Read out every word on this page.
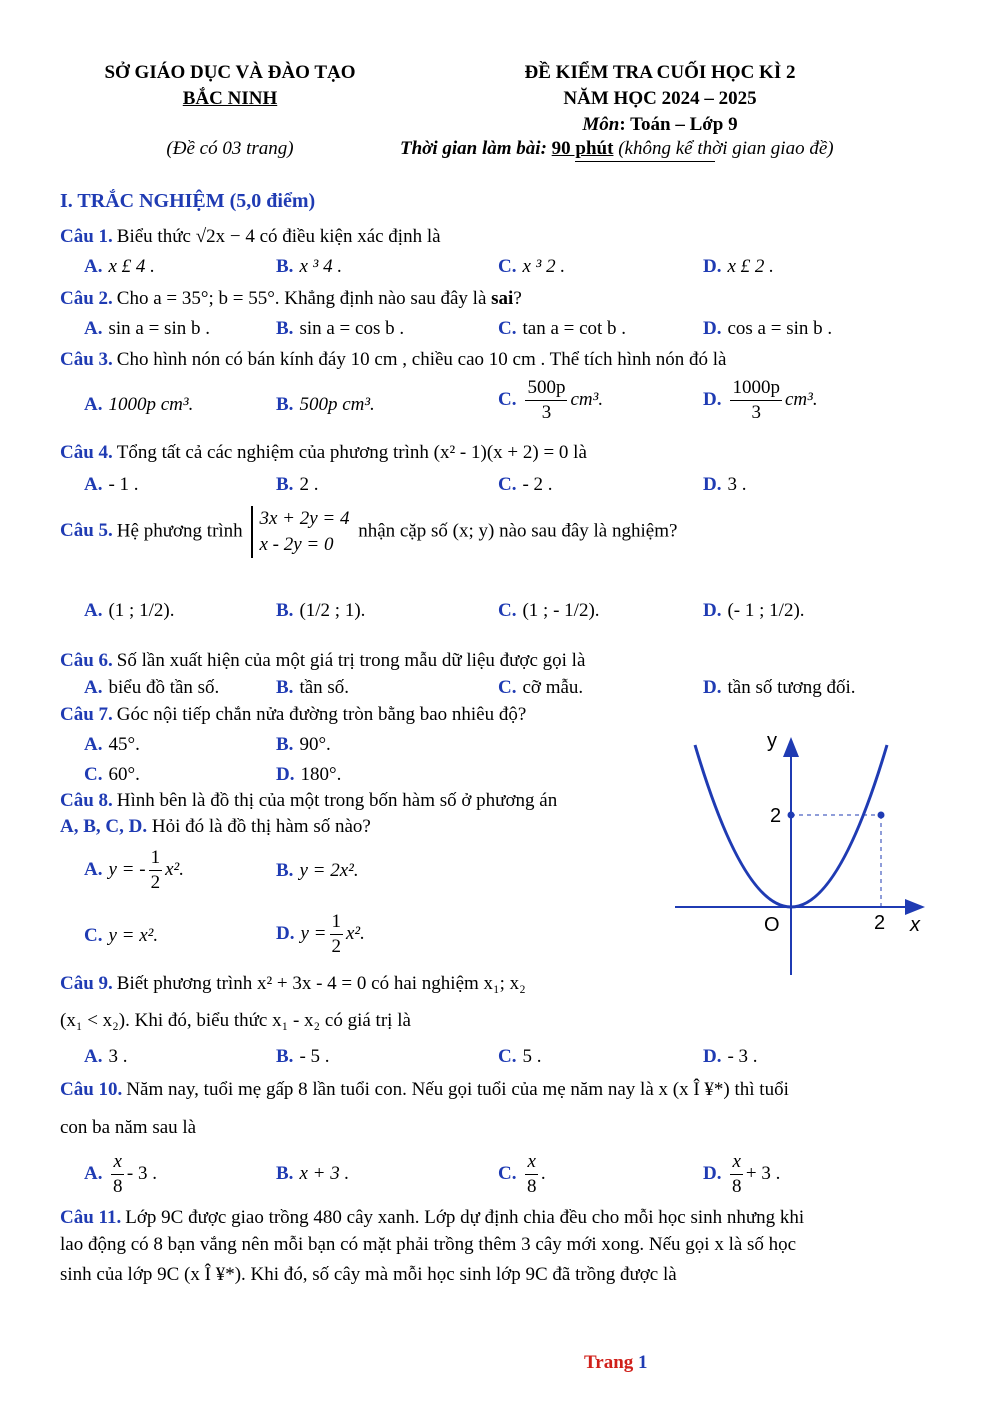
SỞ GIÁO DỤC VÀ ĐÀO TẠO
BẮC NINH
ĐỀ KIỂM TRA CUỐI HỌC KÌ 2
NĂM HỌC 2024 – 2025
Môn: Toán – Lớp 9
(Đề có 03 trang)	Thời gian làm bài: 90 phút (không kể thời gian giao đề)
I. TRẮC NGHIỆM (5,0 điểm)
Câu 1. Biểu thức √2x − 4 có điều kiện xác định là
A. x £ 4 .	B. x ³ 4 .	C. x ³ 2 .	D. x £ 2 .
Câu 2. Cho a = 35°; b = 55°. Khẳng định nào sau đây là sai?
A. sin a = sin b .	B. sin a = cos b .	C. tan a = cot b .	D. cos a = sin b .
Câu 3. Cho hình nón có bán kính đáy 10 cm , chiều cao 10 cm . Thể tích hình nón đó là
A. 1000p cm³.	B. 500p cm³.	C. $\frac{500p}{3} cm^3$.	D. $\frac{1000p}{3} cm^3$.
Câu 4. Tổng tất cả các nghiệm của phương trình (x² - 1)(x + 2) = 0 là
A. - 1 .	B. 2 .	C. - 2 .	D. 3 .
Câu 5. Hệ phương trình
3x + 2y = 4
x - 2y = 0
nhận cặp số (x; y) nào sau đây là nghiệm?
A. (1 ; 1/2).	B. (1/2 ; 1).	C. (1 ; - 1/2).	D. (- 1 ; 1/2).
Câu 6. Số lần xuất hiện của một giá trị trong mẫu dữ liệu được gọi là
A. biểu đồ tần số.	B. tần số.	C. cỡ mẫu.	D. tần số tương đối.
Câu 7. Góc nội tiếp chắn nửa đường tròn bằng bao nhiêu độ?
A. 45°.	B. 90°.
C. 60°.	D. 180°.
Câu 8. Hình bên là đồ thị của một trong bốn hàm số ở phương án
A, B, C, D. Hỏi đó là đồ thị hàm số nào?
A. y = - $\frac{1}{2} x^2$.	B. y = 2x².
C. y = x².	D. $y = \frac{1}{2} x^2$.
y
x
O
2
2
Câu 9. Biết phương trình x² + 3x - 4 = 0 có hai nghiệm x₁; x₂
(x₁ < x₂). Khi đó, biểu thức x₁ - x₂ có giá trị là
A. 3 .	B. - 5 .	C. 5 .	D. - 3 .
Câu 10. Năm nay, tuổi mẹ gấp 8 lần tuổi con. Nếu gọi tuổi của mẹ năm nay là x (x Î ¥*) thì tuổi
con ba năm sau là
A. $\frac{x}{8} - 3$ .	B. x + 3 .	C. $\frac{x}{8}$ .	D. $\frac{x}{8} + 3$ .
Câu 11. Lớp 9C được giao trồng 480 cây xanh. Lớp dự định chia đều cho mỗi học sinh nhưng khi
lao động có 8 bạn vắng nên mỗi bạn có mặt phải trồng thêm 3 cây mới xong. Nếu gọi x là số học
sinh của lớp 9C (x Î ¥*). Khi đó, số cây mà mỗi học sinh lớp 9C đã trồng được là
Trang 1
